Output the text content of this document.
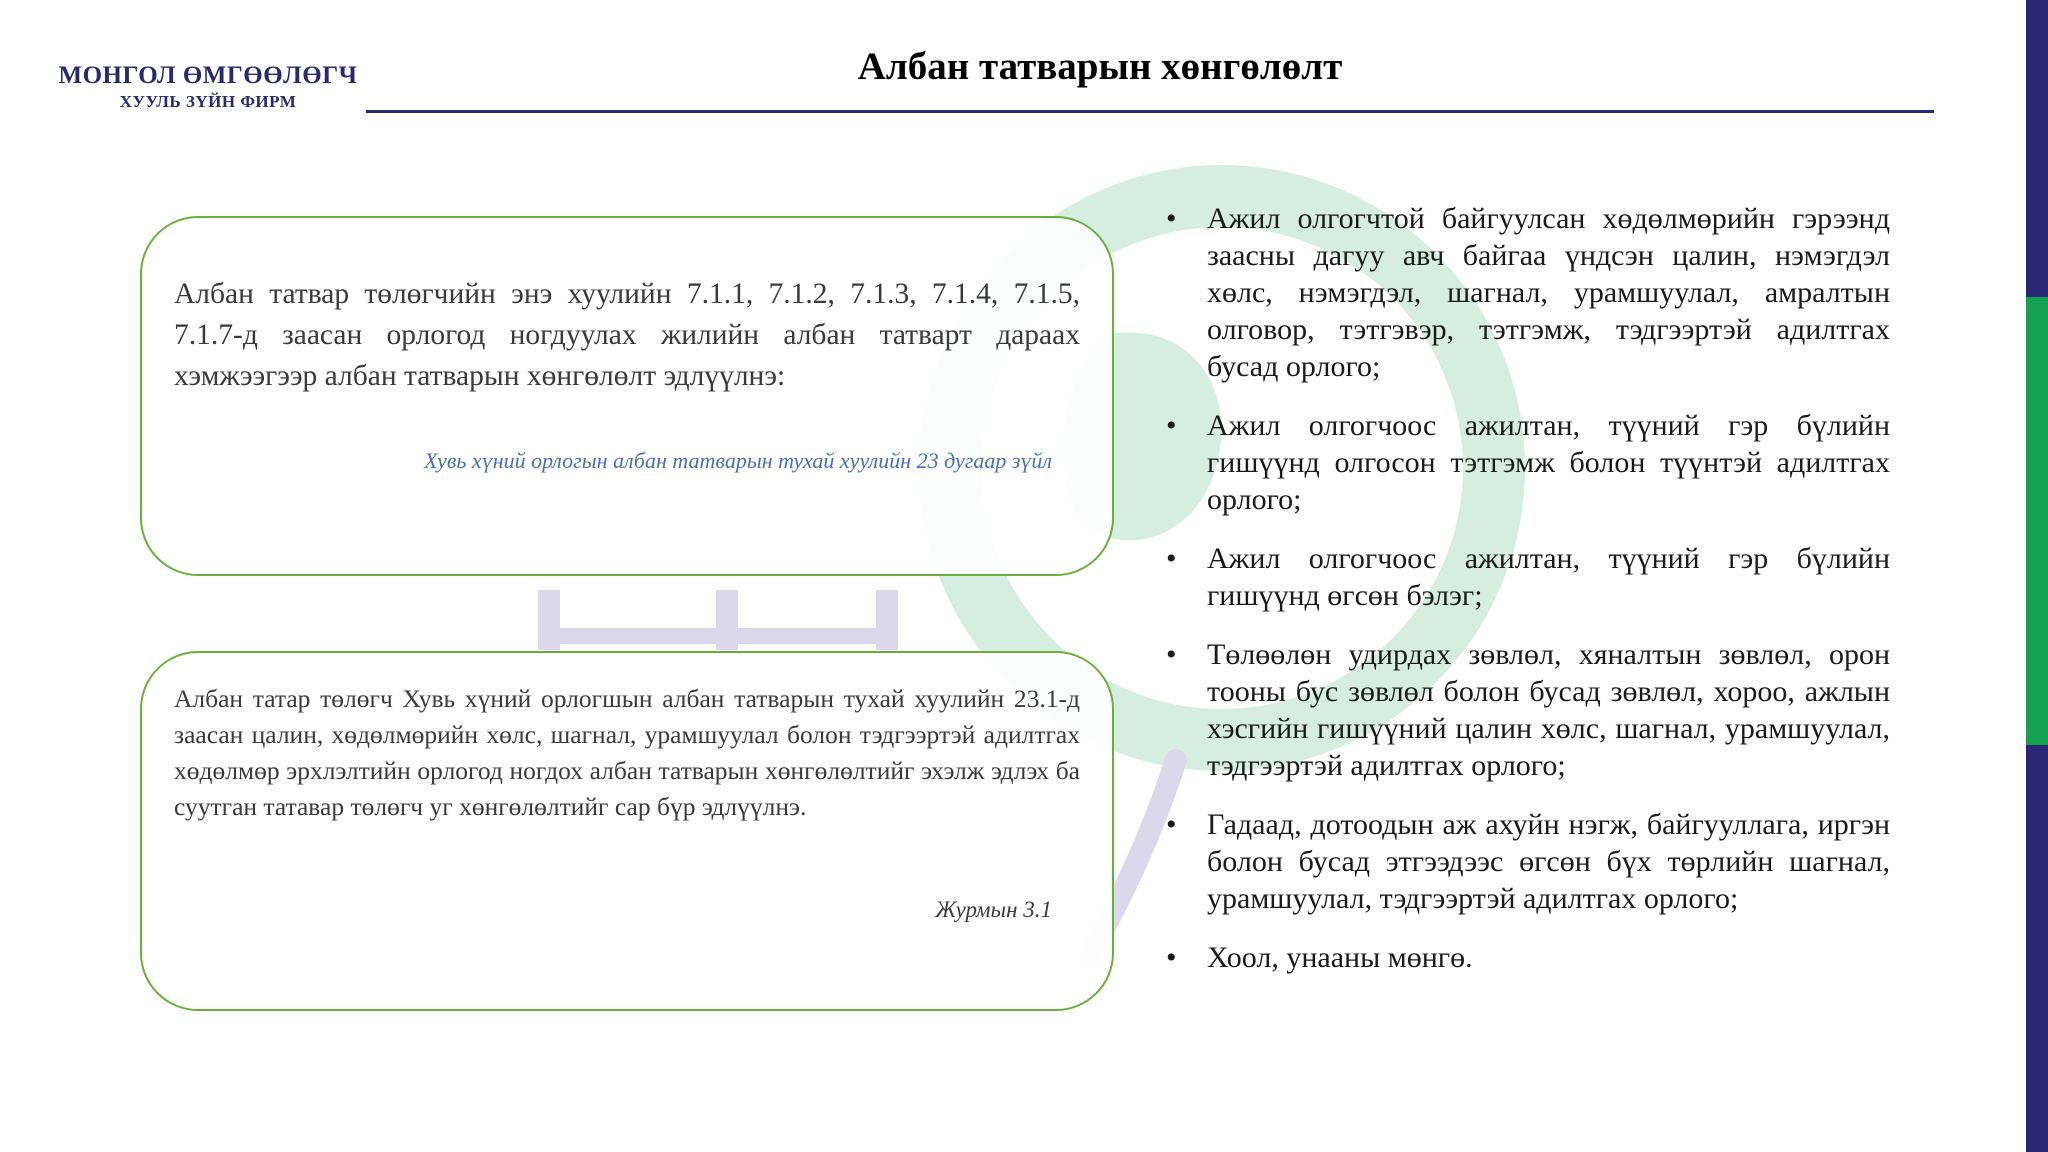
МОНГОЛ ӨМГӨӨЛӨГЧ
ХУУЛЬ ЗҮЙН ФИРМ
Албан татварын хөнгөлөлт
Албан татвар төлөгчийн энэ хуулийн 7.1.1, 7.1.2, 7.1.3, 7.1.4, 7.1.5, 7.1.7-д заасан орлогод ногдуулах жилийн албан татварт дараах хэмжээгээр албан татварын хөнгөлөлт эдлүүлнэ:
Хувь хүний орлогын албан татварын тухай хуулийн 23 дугаар зүйл
Албан татар төлөгч Хувь хүний орлогшын албан татварын тухай хуулийн 23.1-д заасан цалин, хөдөлмөрийн хөлс, шагнал, урамшуулал болон тэдгээртэй адилтгах хөдөлмөр эрхлэлтийн орлогод ногдох албан татварын хөнгөлөлтийг эхэлж эдлэх ба суутган татавар төлөгч уг хөнгөлөлтийг сар бүр эдлүүлнэ.
Журмын 3.1
• Ажил олгогчтой байгуулсан хөдөлмөрийн гэрээнд заасны дагуу авч байгаа үндсэн цалин, нэмэгдэл хөлс, нэмэгдэл, шагнал, урамшуулал, амралтын олговор, тэтгэвэр, тэтгэмж, тэдгээртэй адилтгах бусад орлого;
• Ажил олгогчоос ажилтан, түүний гэр бүлийн гишүүнд олгосон тэтгэмж болон түүнтэй адилтгах орлого;
• Ажил олгогчоос ажилтан, түүний гэр бүлийн гишүүнд өгсөн бэлэг;
• Төлөөлөн удирдах зөвлөл, хяналтын зөвлөл, орон тооны бус зөвлөл болон бусад зөвлөл, хороо, ажлын хэсгийн гишүүний цалин хөлс, шагнал, урамшуулал, тэдгээртэй адилтгах орлого;
• Гадаад, дотоодын аж ахуйн нэгж, байгууллага, иргэн болон бусад этгээдээс өгсөн бүх төрлийн шагнал, урамшуулал, тэдгээртэй адилтгах орлого;
• Хоол, унааны мөнгө.
